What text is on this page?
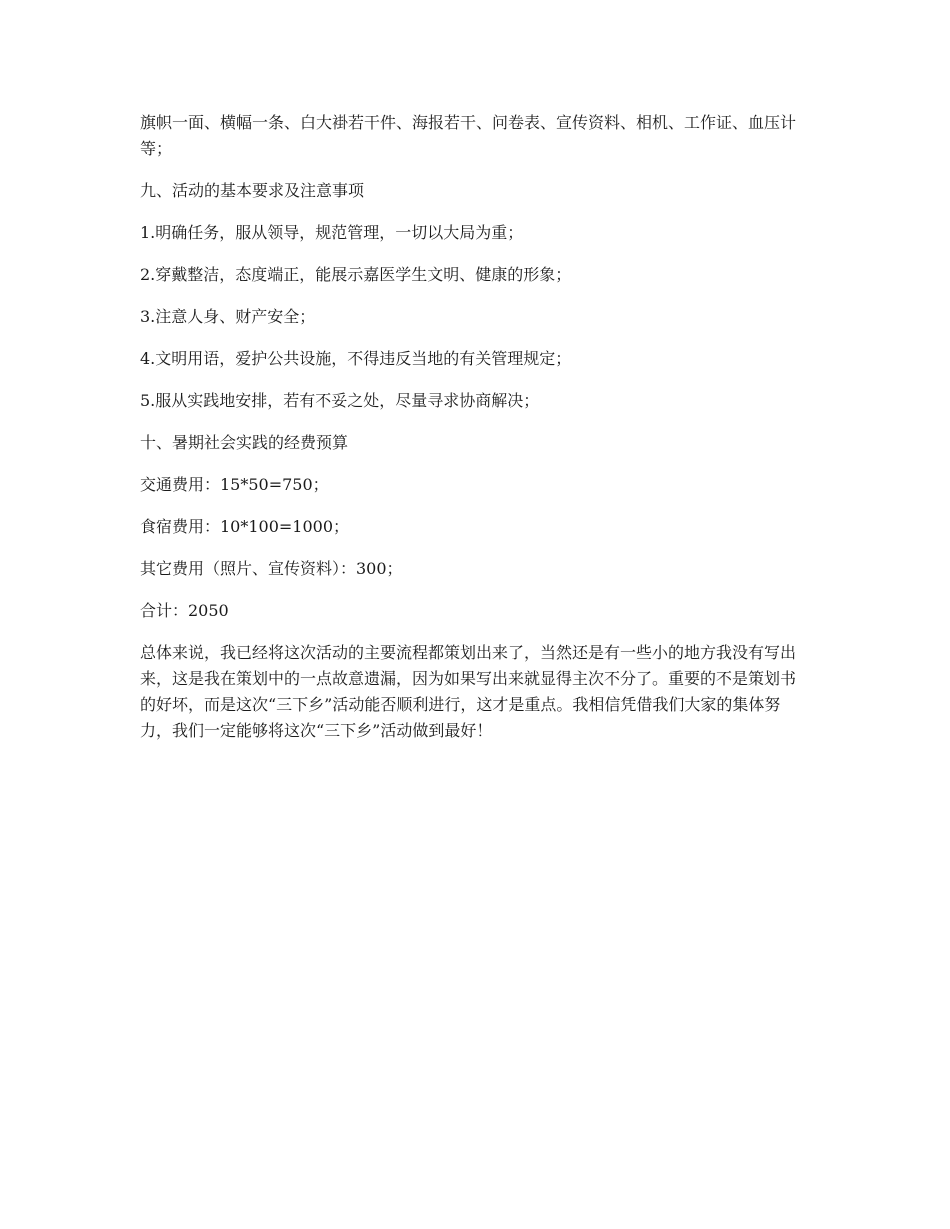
旗帜一面、横幅一条、白大褂若干件、海报若干、问卷表、宣传资料、相机、工作证、血压计等；

九、活动的基本要求及注意事项

1.明确任务，服从领导，规范管理，一切以大局为重；

2.穿戴整洁，态度端正，能展示嘉医学生文明、健康的形象；

3.注意人身、财产安全；

4.文明用语，爱护公共设施，不得违反当地的有关管理规定；

5.服从实践地安排，若有不妥之处，尽量寻求协商解决；

十、暑期社会实践的经费预算

交通费用：15*50=750；

食宿费用：10*100=1000；

其它费用（照片、宣传资料）：300；

合计：2050

总体来说，我已经将这次活动的主要流程都策划出来了，当然还是有一些小的地方我没有写出来，这是我在策划中的一点故意遗漏，因为如果写出来就显得主次不分了。重要的不是策划书的好坏，而是这次“三下乡”活动能否顺利进行，这才是重点。我相信凭借我们大家的集体努力，我们一定能够将这次“三下乡”活动做到最好！
